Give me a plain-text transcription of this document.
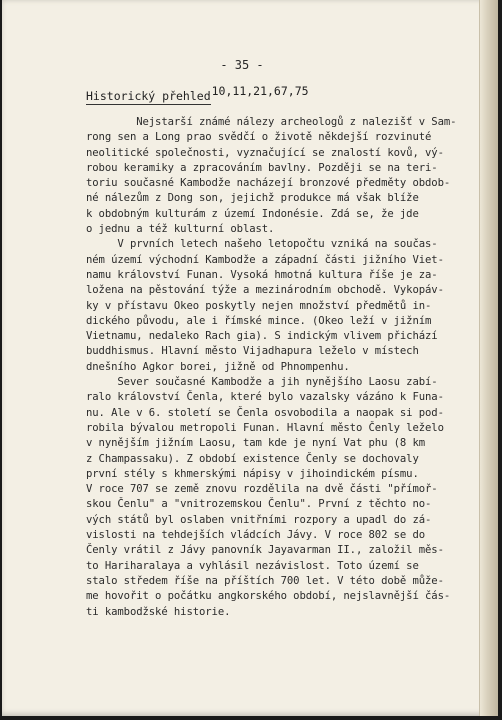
- 35 -
Historický přehled$^{10,11,21,67,75}$
Nejstarší známé nálezy archeologů z nalezišť v Sam-
rong sen a Long prao svědčí o životě někdejší rozvinuté
neolitické společnosti, vyznačující se znalostí kovů, vý-
robou keramiky a zpracováním bavlny. Později se na teri-
toriu současné Kambodže nacházejí bronzové předměty obdob-
né nálezům z Dong son, jejichž produkce má však blíže
k obdobným kulturám z území Indonésie. Zdá se, že jde
o jednu a též kulturní oblast.
V prvních letech našeho letopočtu vzniká na součas-
ném území východní Kambodže a západní části jižního Viet-
namu království Funan. Vysoká hmotná kultura říše je za-
ložena na pěstování týže a mezinárodním obchodě. Vykopáv-
ky v přístavu Okeo poskytly nejen množství předmětů in-
dického původu, ale i římské mince. (Okeo leží v jižním
Vietnamu, nedaleko Rach gia). S indickým vlivem přichází
buddhismus. Hlavní město Vijadhapura leželo v místech
dnešního Agkor borei, jižně od Phnompenhu.
Sever současné Kambodže a jih nynějšího Laosu zabí-
ralo království Čenla, které bylo vazalsky vázáno k Funa-
nu. Ale v 6. století se Čenla osvobodila a naopak si pod-
robila bývalou metropoli Funan. Hlavní město Čenly leželo
v nynějším jižním Laosu, tam kde je nyní Vat phu (8 km
z Champassaku). Z období existence Čenly se dochovaly
první stély s khmerskými nápisy v jihoindickém písmu.
V roce 707 se země znovu rozdělila na dvě části "přímoř-
skou Čenlu" a "vnitrozemskou Čenlu". První z těchto no-
vých států byl oslaben vnitřními rozpory a upadl do zá-
vislosti na tehdejších vládcích Jávy. V roce 802 se do
Čenly vrátil z Jávy panovník Jayavarman II., založil měs-
to Hariharalaya a vyhlásil nezávislost. Toto území se
stalo středem říše na příštích 700 let. V této době může-
me hovořit o počátku angkorského období, nejslavnější čás-
ti kambodžské historie.
